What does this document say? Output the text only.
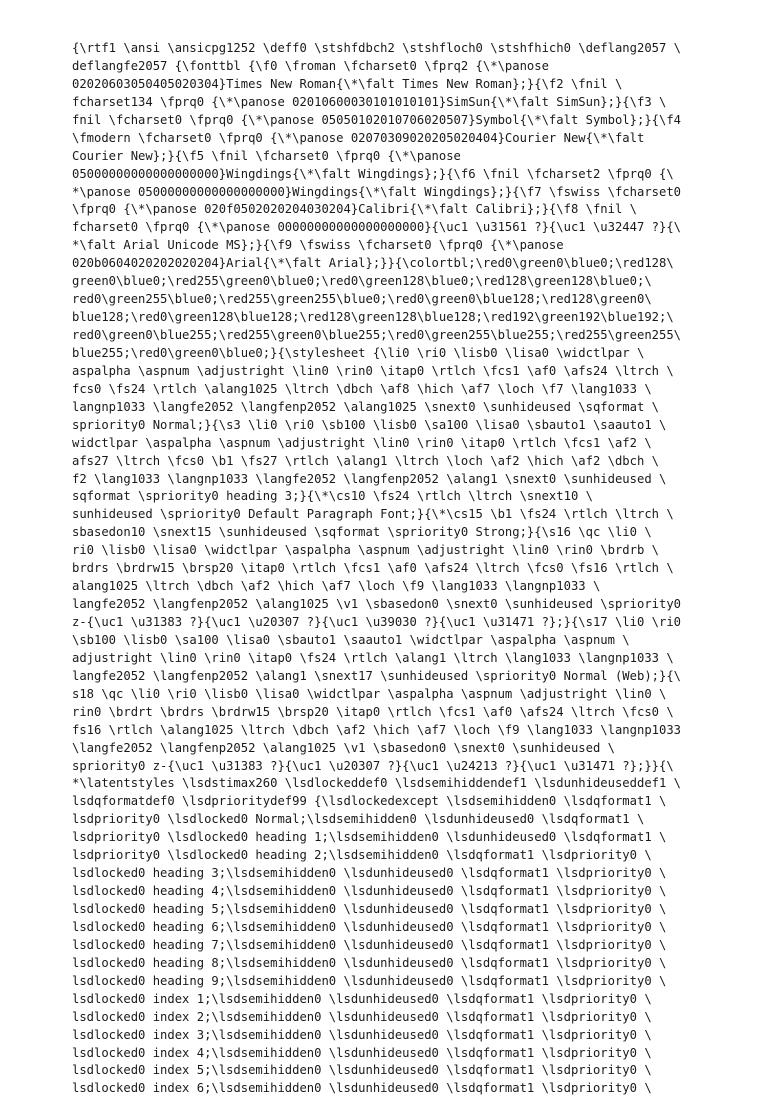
{\rtf1 \ansi \ansicpg1252 \deff0 \stshfdbch2 \stshfloch0 \stshfhich0 \deflang2057 \
deflangfe2057 {\fonttbl {\f0 \froman \fcharset0 \fprq2 {\*\panose
02020603050405020304}Times New Roman{\*\falt Times New Roman};}{\f2 \fnil \
fcharset134 \fprq0 {\*\panose 02010600030101010101}SimSun{\*\falt SimSun};}{\f3 \
fnil \fcharset0 \fprq0 {\*\panose 05050102010706020507}Symbol{\*\falt Symbol};}{\f4
\fmodern \fcharset0 \fprq0 {\*\panose 02070309020205020404}Courier New{\*\falt
Courier New};}{\f5 \fnil \fcharset0 \fprq0 {\*\panose
05000000000000000000}Wingdings{\*\falt Wingdings};}{\f6 \fnil \fcharset2 \fprq0 {\
*\panose 05000000000000000000}Wingdings{\*\falt Wingdings};}{\f7 \fswiss \fcharset0
\fprq0 {\*\panose 020f0502020204030204}Calibri{\*\falt Calibri};}{\f8 \fnil \
fcharset0 \fprq0 {\*\panose 00000000000000000000}{\uc1 \u31561 ?}{\uc1 \u32447 ?}{\
*\falt Arial Unicode MS};}{\f9 \fswiss \fcharset0 \fprq0 {\*\panose
020b0604020202020204}Arial{\*\falt Arial};}}{\colortbl;\red0\green0\blue0;\red128\
green0\blue0;\red255\green0\blue0;\red0\green128\blue0;\red128\green128\blue0;\
red0\green255\blue0;\red255\green255\blue0;\red0\green0\blue128;\red128\green0\
blue128;\red0\green128\blue128;\red128\green128\blue128;\red192\green192\blue192;\
red0\green0\blue255;\red255\green0\blue255;\red0\green255\blue255;\red255\green255\
blue255;\red0\green0\blue0;}{\stylesheet {\li0 \ri0 \lisb0 \lisa0 \widctlpar \
aspalpha \aspnum \adjustright \lin0 \rin0 \itap0 \rtlch \fcs1 \af0 \afs24 \ltrch \
fcs0 \fs24 \rtlch \alang1025 \ltrch \dbch \af8 \hich \af7 \loch \f7 \lang1033 \
langnp1033 \langfe2052 \langfenp2052 \alang1025 \snext0 \sunhideused \sqformat \
spriority0 Normal;}{\s3 \li0 \ri0 \sb100 \lisb0 \sa100 \lisa0 \sbauto1 \saauto1 \
widctlpar \aspalpha \aspnum \adjustright \lin0 \rin0 \itap0 \rtlch \fcs1 \af2 \
afs27 \ltrch \fcs0 \b1 \fs27 \rtlch \alang1 \ltrch \loch \af2 \hich \af2 \dbch \
f2 \lang1033 \langnp1033 \langfe2052 \langfenp2052 \alang1 \snext0 \sunhideused \
sqformat \spriority0 heading 3;}{\*\cs10 \fs24 \rtlch \ltrch \snext10 \
sunhideused \spriority0 Default Paragraph Font;}{\*\cs15 \b1 \fs24 \rtlch \ltrch \
sbasedon10 \snext15 \sunhideused \sqformat \spriority0 Strong;}{\s16 \qc \li0 \
ri0 \lisb0 \lisa0 \widctlpar \aspalpha \aspnum \adjustright \lin0 \rin0 \brdrb \
brdrs \brdrw15 \brsp20 \itap0 \rtlch \fcs1 \af0 \afs24 \ltrch \fcs0 \fs16 \rtlch \
alang1025 \ltrch \dbch \af2 \hich \af7 \loch \f9 \lang1033 \langnp1033 \
langfe2052 \langfenp2052 \alang1025 \v1 \sbasedon0 \snext0 \sunhideused \spriority0
z-{\uc1 \u31383 ?}{\uc1 \u20307 ?}{\uc1 \u39030 ?}{\uc1 \u31471 ?};}{\s17 \li0 \ri0
\sb100 \lisb0 \sa100 \lisa0 \sbauto1 \saauto1 \widctlpar \aspalpha \aspnum \
adjustright \lin0 \rin0 \itap0 \fs24 \rtlch \alang1 \ltrch \lang1033 \langnp1033 \
langfe2052 \langfenp2052 \alang1 \snext17 \sunhideused \spriority0 Normal (Web);}{\
s18 \qc \li0 \ri0 \lisb0 \lisa0 \widctlpar \aspalpha \aspnum \adjustright \lin0 \
rin0 \brdrt \brdrs \brdrw15 \brsp20 \itap0 \rtlch \fcs1 \af0 \afs24 \ltrch \fcs0 \
fs16 \rtlch \alang1025 \ltrch \dbch \af2 \hich \af7 \loch \f9 \lang1033 \langnp1033
\langfe2052 \langfenp2052 \alang1025 \v1 \sbasedon0 \snext0 \sunhideused \
spriority0 z-{\uc1 \u31383 ?}{\uc1 \u20307 ?}{\uc1 \u24213 ?}{\uc1 \u31471 ?};}}{\
*\latentstyles \lsdstimax260 \lsdlockeddef0 \lsdsemihiddendef1 \lsdunhideuseddef1 \
lsdqformatdef0 \lsdprioritydef99 {\lsdlockedexcept \lsdsemihidden0 \lsdqformat1 \
lsdpriority0 \lsdlocked0 Normal;\lsdsemihidden0 \lsdunhideused0 \lsdqformat1 \
lsdpriority0 \lsdlocked0 heading 1;\lsdsemihidden0 \lsdunhideused0 \lsdqformat1 \
lsdpriority0 \lsdlocked0 heading 2;\lsdsemihidden0 \lsdqformat1 \lsdpriority0 \
lsdlocked0 heading 3;\lsdsemihidden0 \lsdunhideused0 \lsdqformat1 \lsdpriority0 \
lsdlocked0 heading 4;\lsdsemihidden0 \lsdunhideused0 \lsdqformat1 \lsdpriority0 \
lsdlocked0 heading 5;\lsdsemihidden0 \lsdunhideused0 \lsdqformat1 \lsdpriority0 \
lsdlocked0 heading 6;\lsdsemihidden0 \lsdunhideused0 \lsdqformat1 \lsdpriority0 \
lsdlocked0 heading 7;\lsdsemihidden0 \lsdunhideused0 \lsdqformat1 \lsdpriority0 \
lsdlocked0 heading 8;\lsdsemihidden0 \lsdunhideused0 \lsdqformat1 \lsdpriority0 \
lsdlocked0 heading 9;\lsdsemihidden0 \lsdunhideused0 \lsdqformat1 \lsdpriority0 \
lsdlocked0 index 1;\lsdsemihidden0 \lsdunhideused0 \lsdqformat1 \lsdpriority0 \
lsdlocked0 index 2;\lsdsemihidden0 \lsdunhideused0 \lsdqformat1 \lsdpriority0 \
lsdlocked0 index 3;\lsdsemihidden0 \lsdunhideused0 \lsdqformat1 \lsdpriority0 \
lsdlocked0 index 4;\lsdsemihidden0 \lsdunhideused0 \lsdqformat1 \lsdpriority0 \
lsdlocked0 index 5;\lsdsemihidden0 \lsdunhideused0 \lsdqformat1 \lsdpriority0 \
lsdlocked0 index 6;\lsdsemihidden0 \lsdunhideused0 \lsdqformat1 \lsdpriority0 \
